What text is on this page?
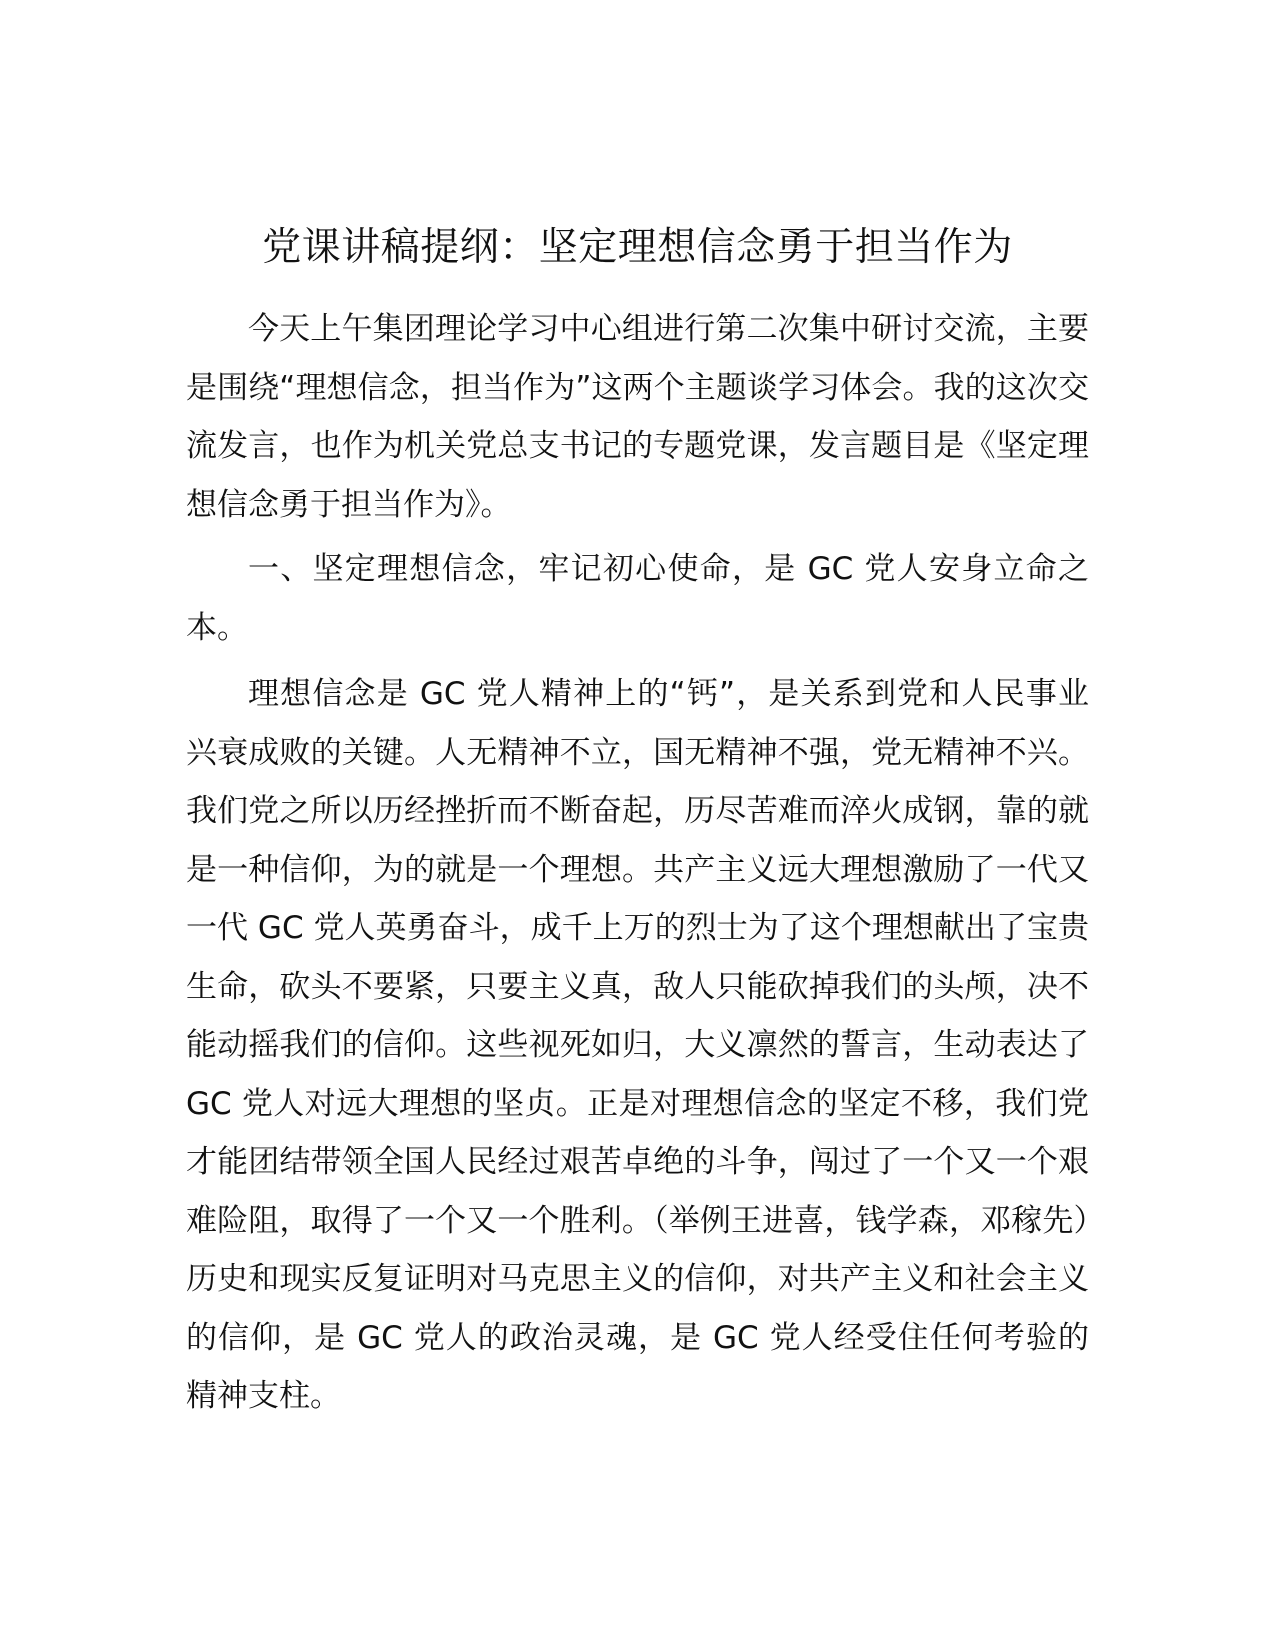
党课讲稿提纲：坚定理想信念勇于担当作为

今天上午集团理论学习中心组进行第二次集中研讨交流，主要是围绕“理想信念，担当作为”这两个主题谈学习体会。我的这次交流发言，也作为机关党总支书记的专题党课，发言题目是《坚定理想信念勇于担当作为》。

一、坚定理想信念，牢记初心使命，是 GC 党人安身立命之本。

理想信念是 GC 党人精神上的“钙”，是关系到党和人民事业兴衰成败的关键。人无精神不立，国无精神不强，党无精神不兴。我们党之所以历经挫折而不断奋起，历尽苦难而淬火成钢，靠的就是一种信仰，为的就是一个理想。共产主义远大理想激励了一代又一代 GC 党人英勇奋斗，成千上万的烈士为了这个理想献出了宝贵生命，砍头不要紧，只要主义真，敌人只能砍掉我们的头颅，决不能动摇我们的信仰。这些视死如归，大义凛然的誓言，生动表达了 GC 党人对远大理想的坚贞。正是对理想信念的坚定不移，我们党才能团结带领全国人民经过艰苦卓绝的斗争，闯过了一个又一个艰难险阻，取得了一个又一个胜利。（举例王进喜，钱学森，邓稼先）历史和现实反复证明对马克思主义的信仰，对共产主义和社会主义的信仰，是 GC 党人的政治灵魂，是 GC 党人经受住任何考验的精神支柱。
